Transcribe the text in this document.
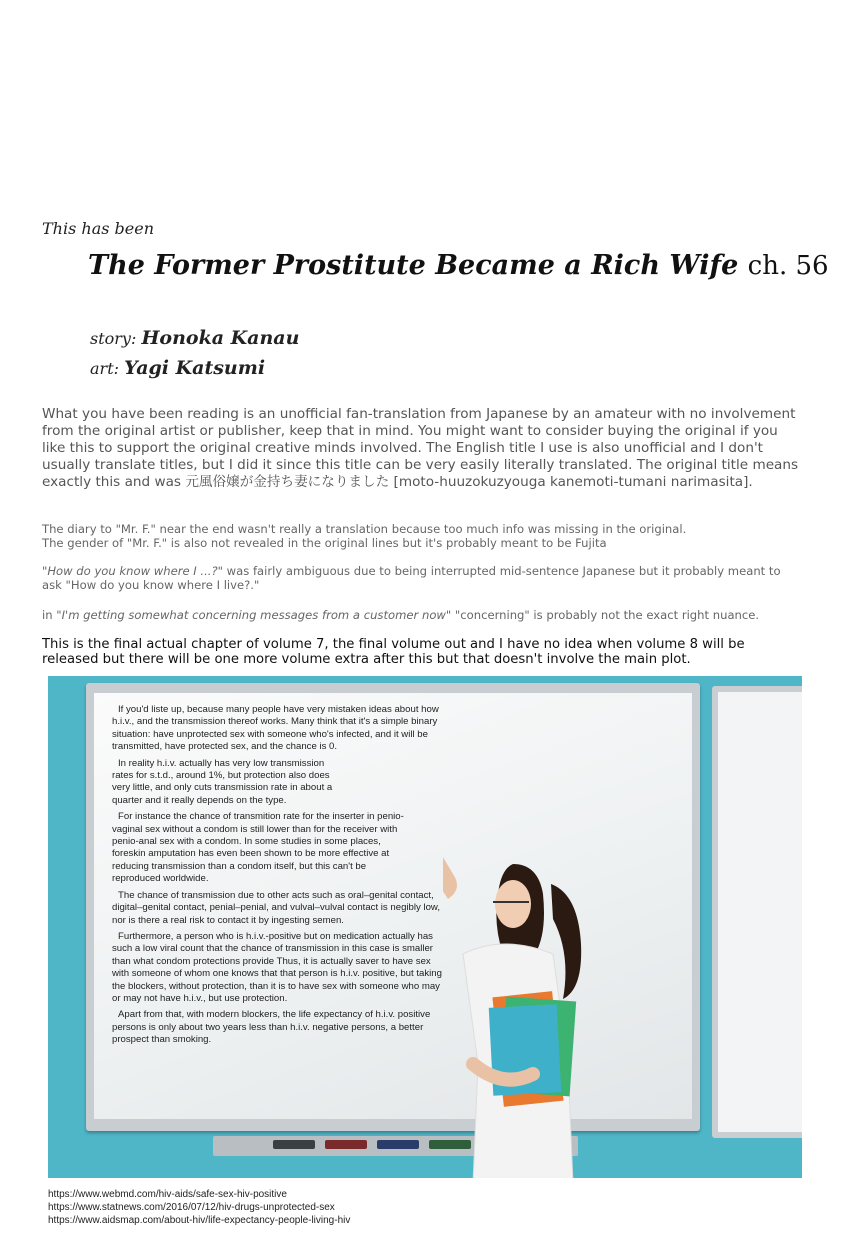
This has been
The Former Prostitute Became a Rich Wife ch. 56
story: Honoka Kanau
art: Yagi Katsumi
What you have been reading is an unofficial fan-translation from Japanese by an amateur with no involvement from the original artist or publisher, keep that in mind. You might want to consider buying the original if you like this to support the original creative minds involved. The English title I use is also unofficial and I don't usually translate titles, but I did it since this title can be very easily literally translated. The original title means exactly this and was 元風俗嬢が金持ち妻になりました [moto-huuzokuzyouga kanemoti-tumani narimasita].
The diary to "Mr. F." near the end wasn't really a translation because too much info was missing in the original.
The gender of "Mr. F." is also not revealed in the original lines but it's probably meant to be Fujita
"How do you know where I ...?" was fairly ambiguous due to being interrupted mid-sentence Japanese but it probably meant to ask "How do you know where I live?."
in "I'm getting somewhat concerning messages from a customer now" "concerning" is probably not the exact right nuance.
This is the final actual chapter of volume 7, the final volume out and I have no idea when volume 8 will be released but there will be one more volume extra after this but that doesn't involve the main plot.

If you'd liste up, because many people have very mistaken ideas about how h.i.v., and the transmission thereof works. Many think that it's a simple binary situation: have unprotected sex with someone who's infected, and it will be transmitted, have protected sex, and the chance is 0.

In reality h.i.v. actually has very low transmission rates for s.t.d., around 1%, but protection also does very little, and only cuts transmission rate in about a quarter and it really depends on the type.

For instance the chance of transmition rate for the inserter in penio-vaginal sex without a condom is still lower than for the receiver with penio-anal sex with a condom. In some studies in some places, foreskin amputation has even been shown to be more effective at reducing transmission than a condom itself, but this can't be reproduced worldwide.

The chance of transmission due to other acts such as oral–genital contact, digital–genital contact, penial–penial, and vulval–vulval contact is negibly low, nor is there a real risk to contact it by ingesting semen.

Furthermore, a person who is h.i.v.-positive but on medication actually has such a low viral count that the chance of transmission in this case is smaller than what condom protections provide Thus, it is actually saver to have sex with someone of whom one knows that that person is h.i.v. positive, but taking the blockers, without protection, than it is to have sex with someone who may or may not have h.i.v., but use protection.

Apart from that, with modern blockers, the life expectancy of h.i.v. positive persons is only about two years less than h.i.v. negative persons, a better prospect than smoking.

https://www.webmd.com/hiv-aids/safe-sex-hiv-positive
https://www.statnews.com/2016/07/12/hiv-drugs-unprotected-sex
https://www.aidsmap.com/about-hiv/life-expectancy-people-living-hiv
